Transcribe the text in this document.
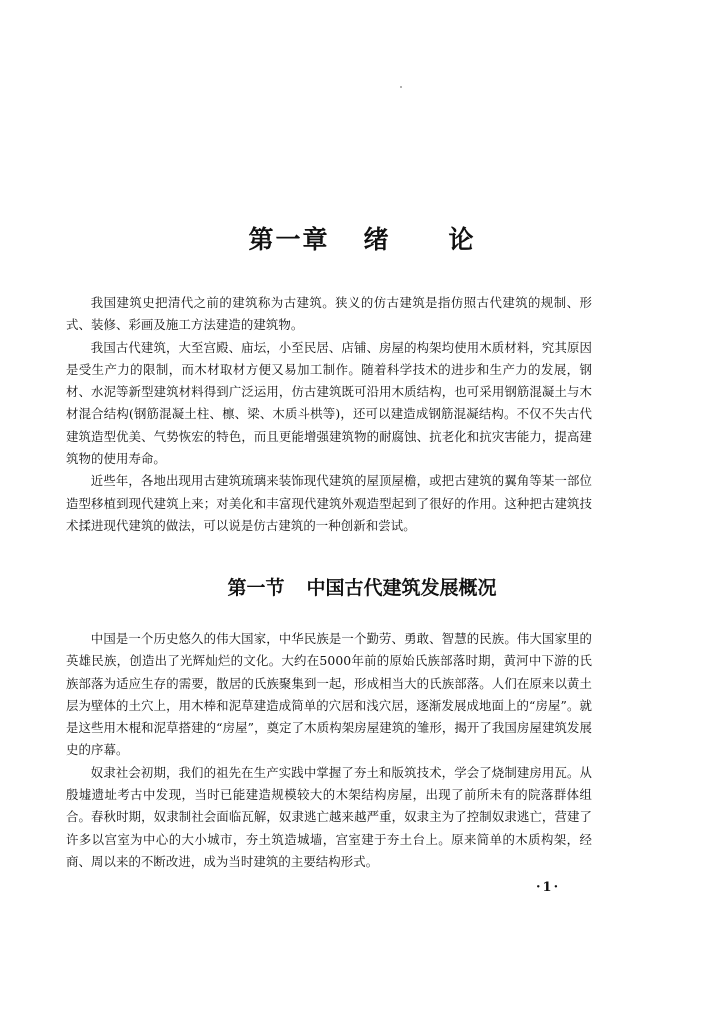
第一章 绪 论

我国建筑史把清代之前的建筑称为古建筑。狭义的仿古建筑是指仿照古代建筑的规制、形式、装修、彩画及施工方法建造的建筑物。

我国古代建筑，大至宫殿、庙坛，小至民居、店铺、房屋的构架均使用木质材料，究其原因是受生产力的限制，而木材取材方便又易加工制作。随着科学技术的进步和生产力的发展，钢材、水泥等新型建筑材料得到广泛运用，仿古建筑既可沿用木质结构，也可采用钢筋混凝土与木材混合结构(钢筋混凝土柱、檩、梁、木质斗栱等)，还可以建造成钢筋混凝结构。不仅不失古代建筑造型优美、气势恢宏的特色，而且更能增强建筑物的耐腐蚀、抗老化和抗灾害能力，提高建筑物的使用寿命。

近些年，各地出现用古建筑琉璃来装饰现代建筑的屋顶屋檐，或把古建筑的翼角等某一部位造型移植到现代建筑上来；对美化和丰富现代建筑外观造型起到了很好的作用。这种把古建筑技术揉进现代建筑的做法，可以说是仿古建筑的一种创新和尝试。

第一节 中国古代建筑发展概况

中国是一个历史悠久的伟大国家，中华民族是一个勤劳、勇敢、智慧的民族。伟大国家里的英雄民族，创造出了光辉灿烂的文化。大约在5000年前的原始氏族部落时期，黄河中下游的氏族部落为适应生存的需要，散居的氏族聚集到一起，形成相当大的氏族部落。人们在原来以黄土层为壁体的土穴上，用木棒和泥草建造成简单的穴居和浅穴居，逐渐发展成地面上的“房屋”。就是这些用木棍和泥草搭建的“房屋”，奠定了木质构架房屋建筑的雏形，揭开了我国房屋建筑发展史的序幕。

奴隶社会初期，我们的祖先在生产实践中掌握了夯土和版筑技术，学会了烧制建房用瓦。从殷墟遗址考古中发现，当时已能建造规模较大的木架结构房屋，出现了前所未有的院落群体组合。春秋时期，奴隶制社会面临瓦解，奴隶逃亡越来越严重，奴隶主为了控制奴隶逃亡，营建了许多以宫室为中心的大小城市，夯土筑造城墙，宫室建于夯土台上。原来简单的木质构架，经商、周以来的不断改进，成为当时建筑的主要结构形式。

·1·
